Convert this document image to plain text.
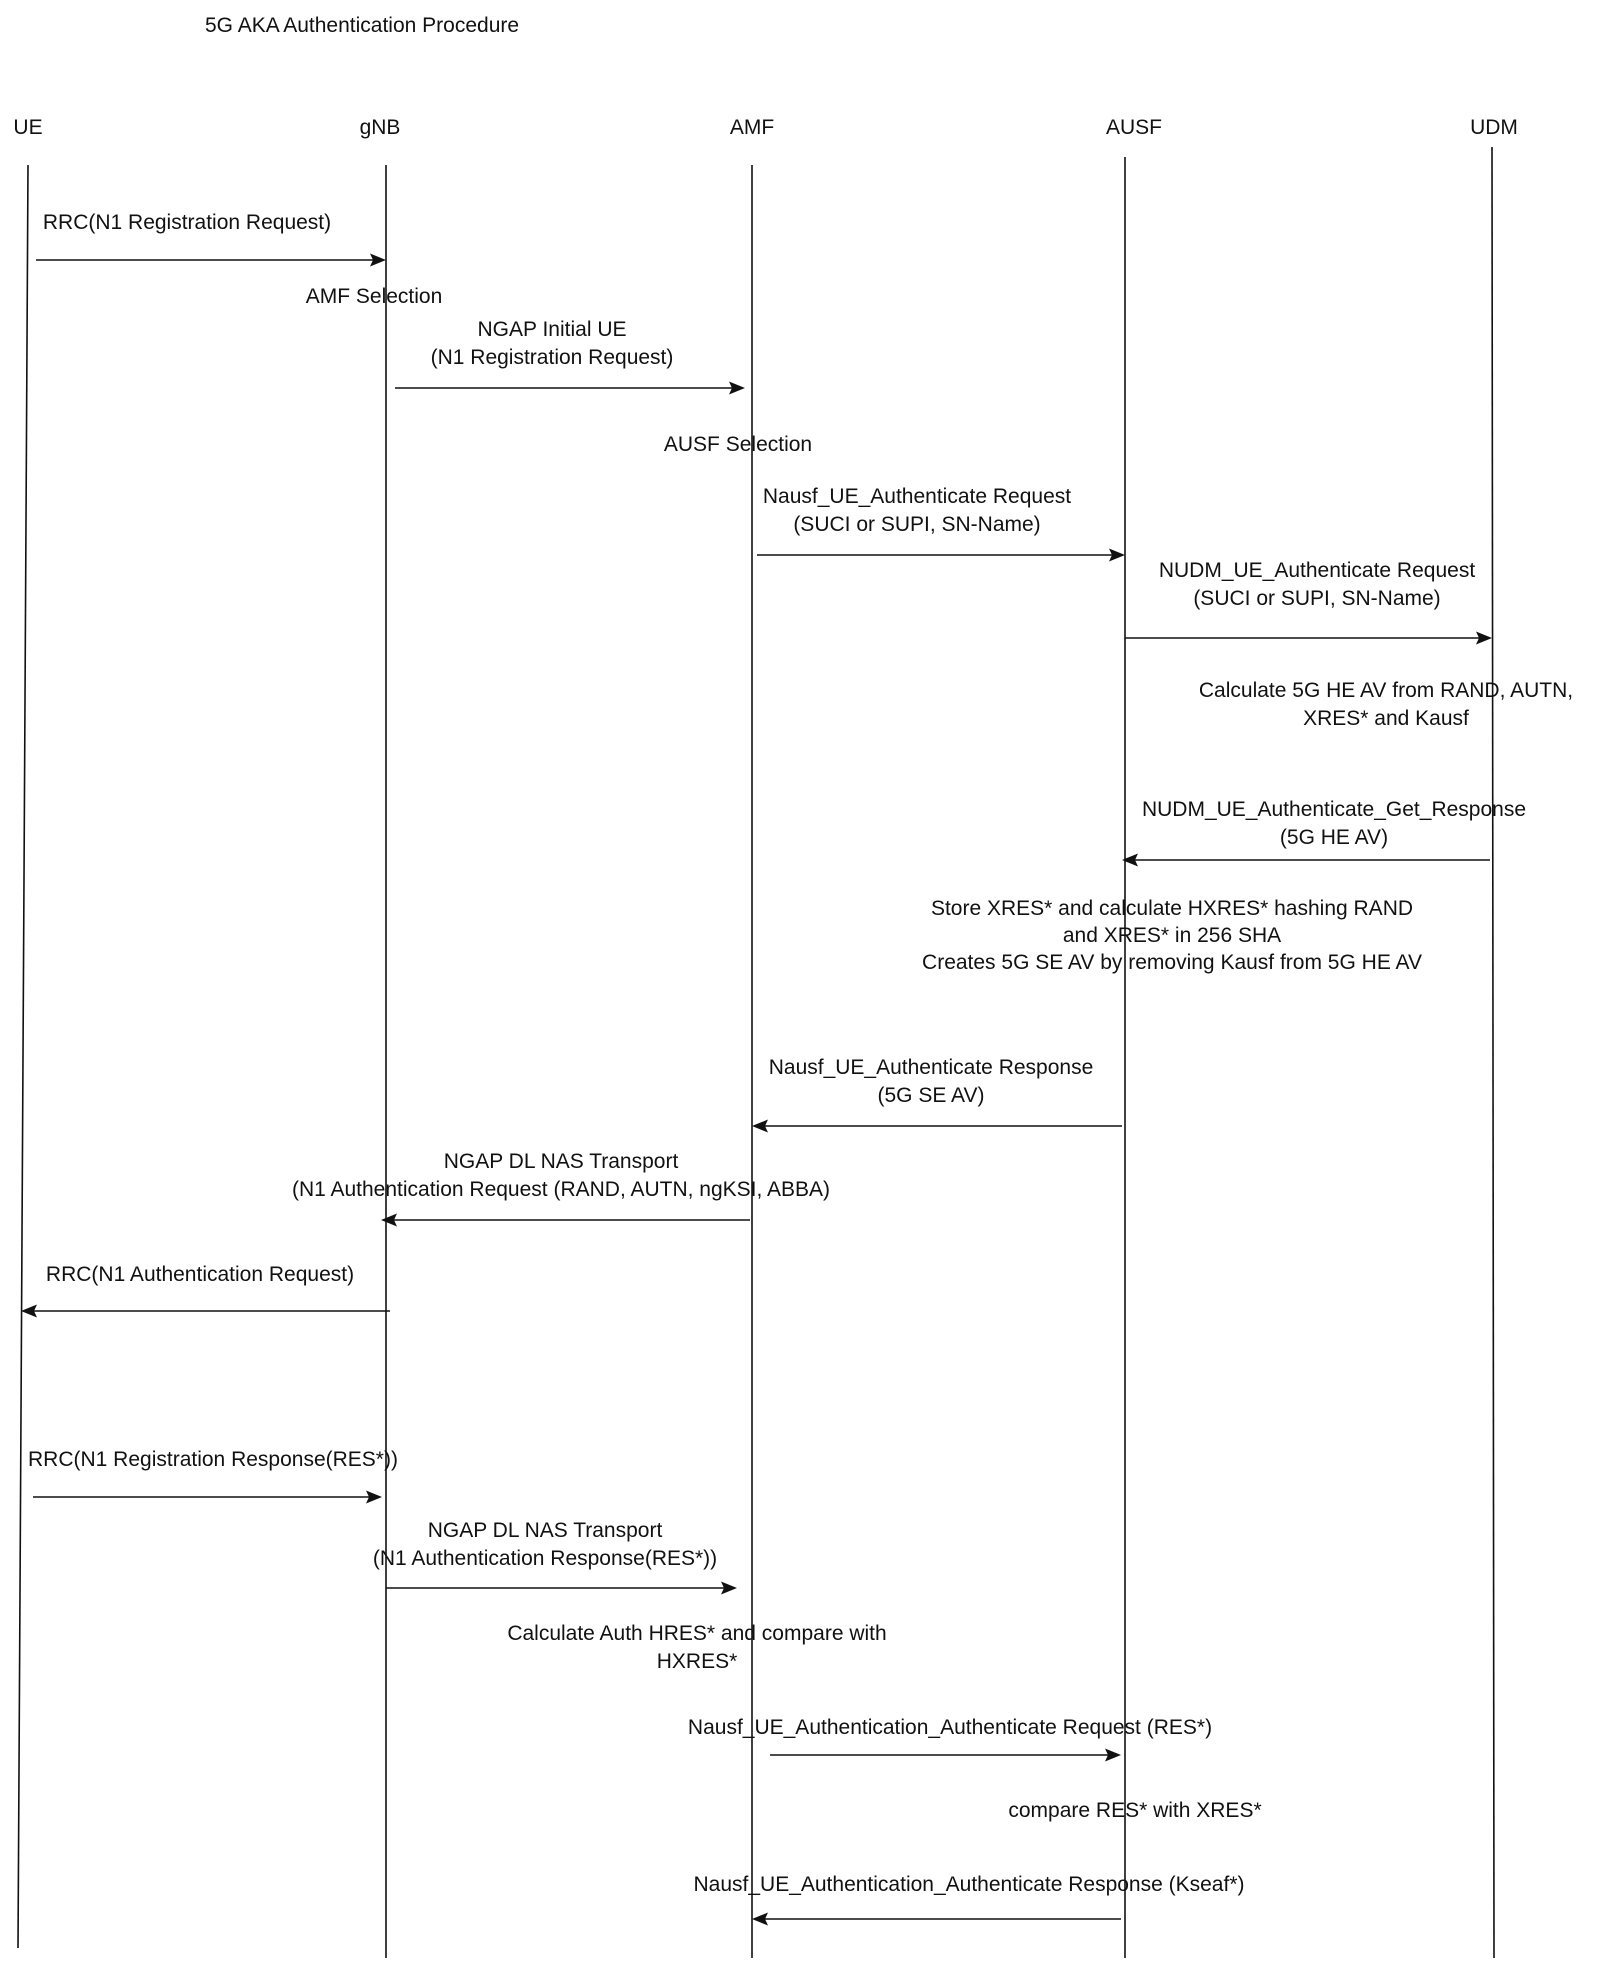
5G AKA Authentication Procedure
UE	gNB	AMF	AUSF	UDM
RRC(N1 Registration Request)
NGAP Initial UE
(N1 Registration Request)
Nausf_UE_Authenticate Request
(SUCI or SUPI, SN-Name)
NUDM_UE_Authenticate Request
(SUCI or SUPI, SN-Name)
NUDM_UE_Authenticate_Get_Response
(5G HE AV)
Nausf_UE_Authenticate Response
(5G SE AV)
NGAP DL NAS Transport
(N1 Authentication Request (RAND, AUTN, ngKSI, ABBA)
RRC(N1 Authentication Request)
RRC(N1 Registration Response(RES*))
NGAP DL NAS Transport
(N1 Authentication Response(RES*))
Nausf_UE_Authentication_Authenticate Request (RES*)
Nausf_UE_Authentication_Authenticate Response (Kseaf*)
AMF Selection
AUSF Selection
Calculate 5G HE AV from RAND, AUTN,
XRES* and Kausf
Store XRES* and calculate HXRES* hashing RAND
and XRES* in 256 SHA
Creates 5G SE AV by removing Kausf from 5G HE AV
Calculate Auth HRES* and compare with
HXRES*
compare RES* with XRES*
